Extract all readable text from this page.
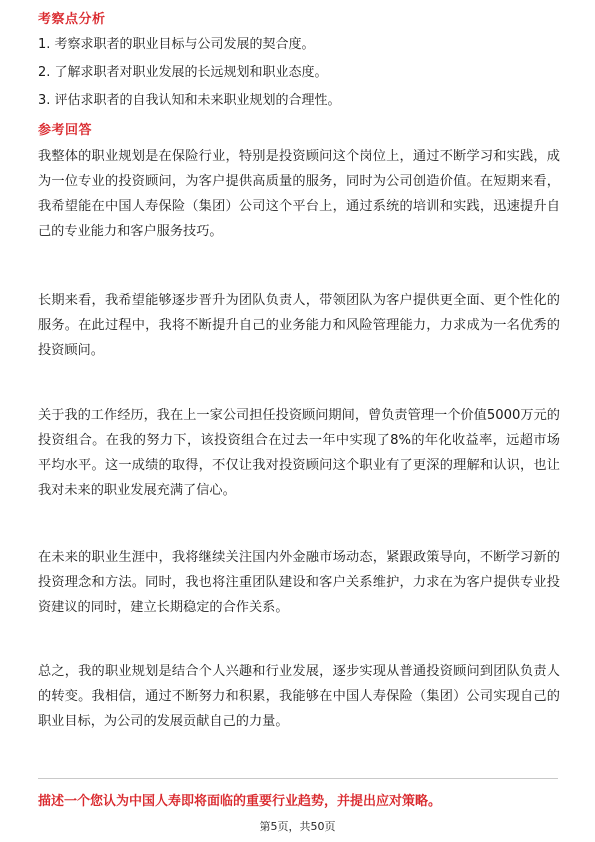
考察点分析
1. 考察求职者的职业目标与公司发展的契合度。
2. 了解求职者对职业发展的长远规划和职业态度。
3. 评估求职者的自我认知和未来职业规划的合理性。
参考回答
我整体的职业规划是在保险行业，特别是投资顾问这个岗位上，通过不断学习和实践，成为一位专业的投资顾问，为客户提供高质量的服务，同时为公司创造价值。在短期来看，我希望能在中国人寿保险（集团）公司这个平台上，通过系统的培训和实践，迅速提升自己的专业能力和客户服务技巧。
长期来看，我希望能够逐步晋升为团队负责人，带领团队为客户提供更全面、更个性化的服务。在此过程中，我将不断提升自己的业务能力和风险管理能力，力求成为一名优秀的投资顾问。
关于我的工作经历，我在上一家公司担任投资顾问期间，曾负责管理一个价值5000万元的投资组合。在我的努力下，该投资组合在过去一年中实现了8%的年化收益率，远超市场平均水平。这一成绩的取得，不仅让我对投资顾问这个职业有了更深的理解和认识，也让我对未来的职业发展充满了信心。
在未来的职业生涯中，我将继续关注国内外金融市场动态，紧跟政策导向，不断学习新的投资理念和方法。同时，我也将注重团队建设和客户关系维护，力求在为客户提供专业投资建议的同时，建立长期稳定的合作关系。
总之，我的职业规划是结合个人兴趣和行业发展，逐步实现从普通投资顾问到团队负责人的转变。我相信，通过不断努力和积累，我能够在中国人寿保险（集团）公司实现自己的职业目标，为公司的发展贡献自己的力量。
描述一个您认为中国人寿即将面临的重要行业趋势，并提出应对策略。
第5页，共50页
